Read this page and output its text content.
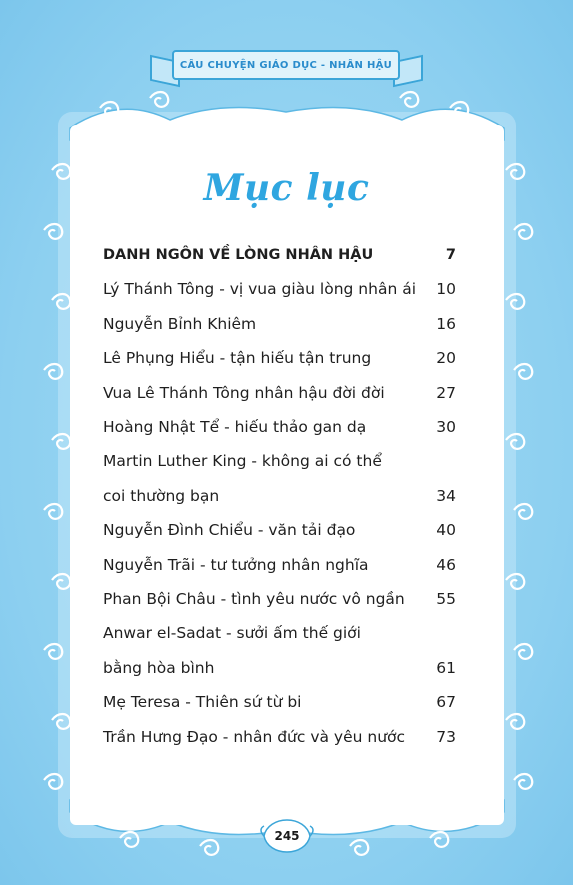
CÂU CHUYỆN GIÁO DỤC - NHÂN HẬU
Mục lục
DANH NGÔN VỀ LÒNG NHÂN HẬU	7
Lý Thánh Tông - vị vua giàu lòng nhân ái	10
Nguyễn Bỉnh Khiêm	16
Lê Phụng Hiểu - tận hiếu tận trung	20
Vua Lê Thánh Tông nhân hậu đời đời	27
Hoàng Nhật Tể - hiếu thảo gan dạ	30
Martin Luther King - không ai có thể
coi thường bạn	34
Nguyễn Đình Chiểu - văn tải đạo	40
Nguyễn Trãi - tư tưởng nhân nghĩa	46
Phan Bội Châu - tình yêu nước vô ngần	55
Anwar el-Sadat - sưởi ấm thế giới
bằng hòa bình	61
Mẹ Teresa - Thiên sứ từ bi	67
Trần Hưng Đạo - nhân đức và yêu nước	73
245
